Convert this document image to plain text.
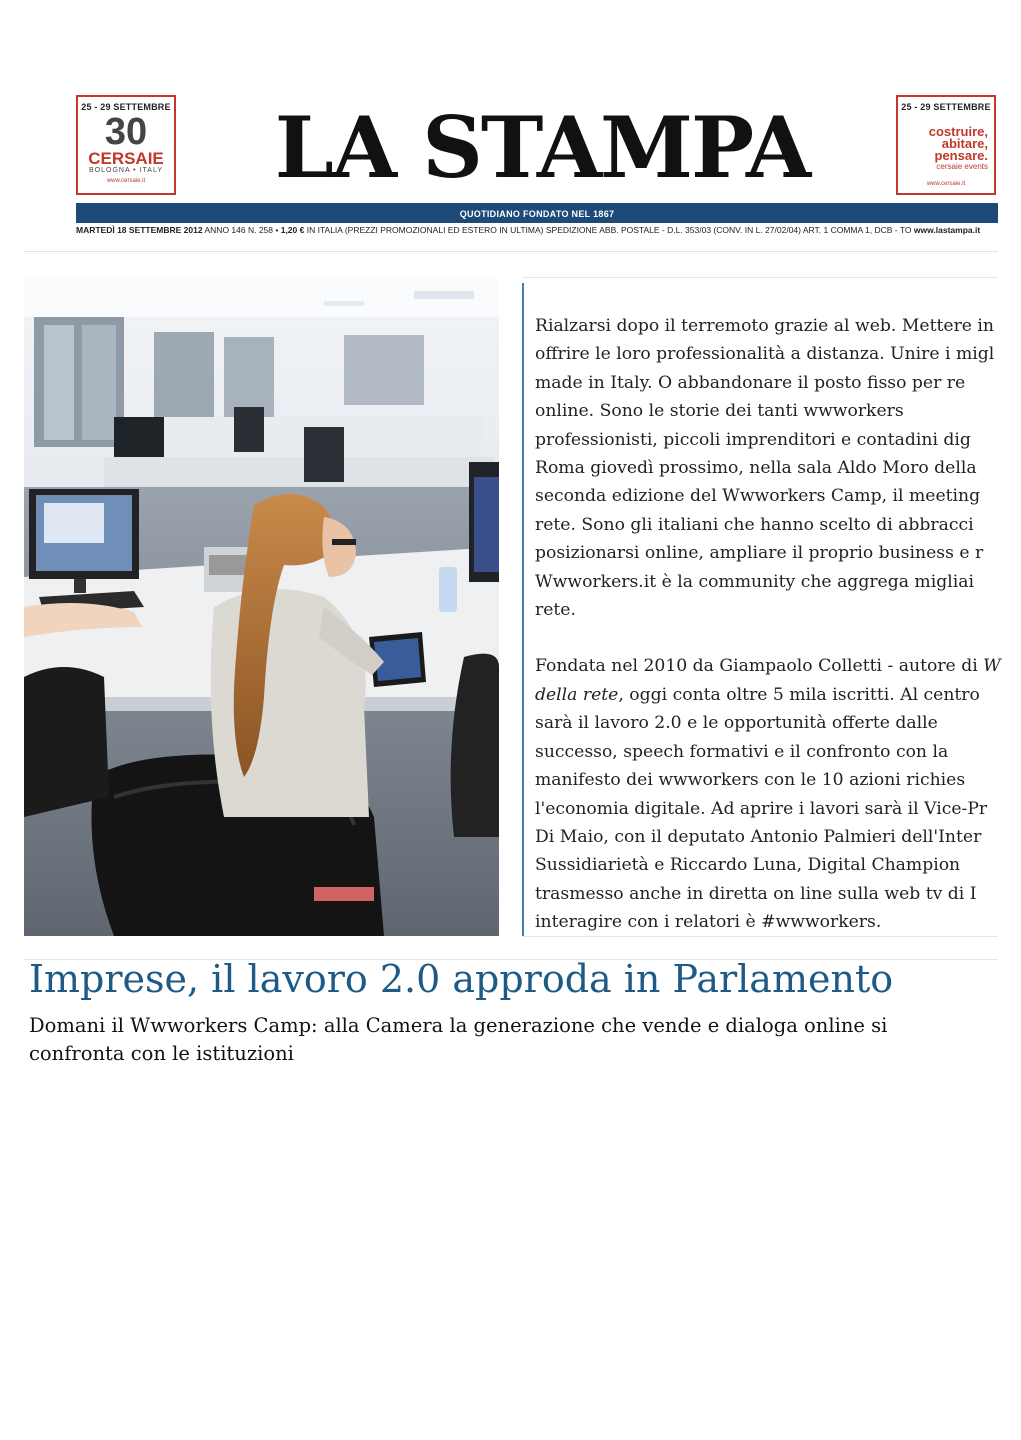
25 - 29 SETTEMBRE
30
CERSAIE
BOLOGNA • ITALY
www.cersaie.it	LA STAMPA	25 - 29 SETTEMBRE
costruire,
abitare,
pensare.
cersaie events
www.cersaie.it
QUOTIDIANO FONDATO NEL 1867
MARTEDÌ 18 SETTEMBRE 2012 ANNO 146 N. 258 • 1,20 € IN ITALIA (PREZZI PROMOZIONALI ED ESTERO IN ULTIMA) SPEDIZIONE ABB. POSTALE - D.L. 353/03 (CONV. IN L. 27/02/04) ART. 1 COMMA 1, DCB - TO www.lastampa.it
Rialzarsi dopo il terremoto grazie al web. Mettere in
offrire le loro professionalità a distanza. Unire i migl
made in Italy. O abbandonare il posto fisso per re
online. Sono le storie dei tanti wwworkers
professionisti, piccoli imprenditori e contadini dig
Roma giovedì prossimo, nella sala Aldo Moro della
seconda edizione del Wwworkers Camp, il meeting
rete. Sono gli italiani che hanno scelto di abbracci
posizionarsi online, ampliare il proprio business e r
Wwworkers.it è la community che aggrega migliai
rete.
Fondata nel 2010 da Giampaolo Colletti - autore di W
della rete, oggi conta oltre 5 mila iscritti. Al centro
sarà il lavoro 2.0 e le opportunità offerte dalle
successo, speech formativi e il confronto con la
manifesto dei wwworkers con le 10 azioni richies
l'economia digitale. Ad aprire i lavori sarà il Vice-Pr
Di Maio, con il deputato Antonio Palmieri dell'Inter
Sussidiarietà e Riccardo Luna, Digital Champion
trasmesso anche in diretta on line sulla web tv di I
interagire con i relatori è #wwworkers.
Imprese, il lavoro 2.0 approda in Parlamento
Domani il Wwworkers Camp: alla Camera la generazione che vende e dialoga online si confronta con le istituzioni
